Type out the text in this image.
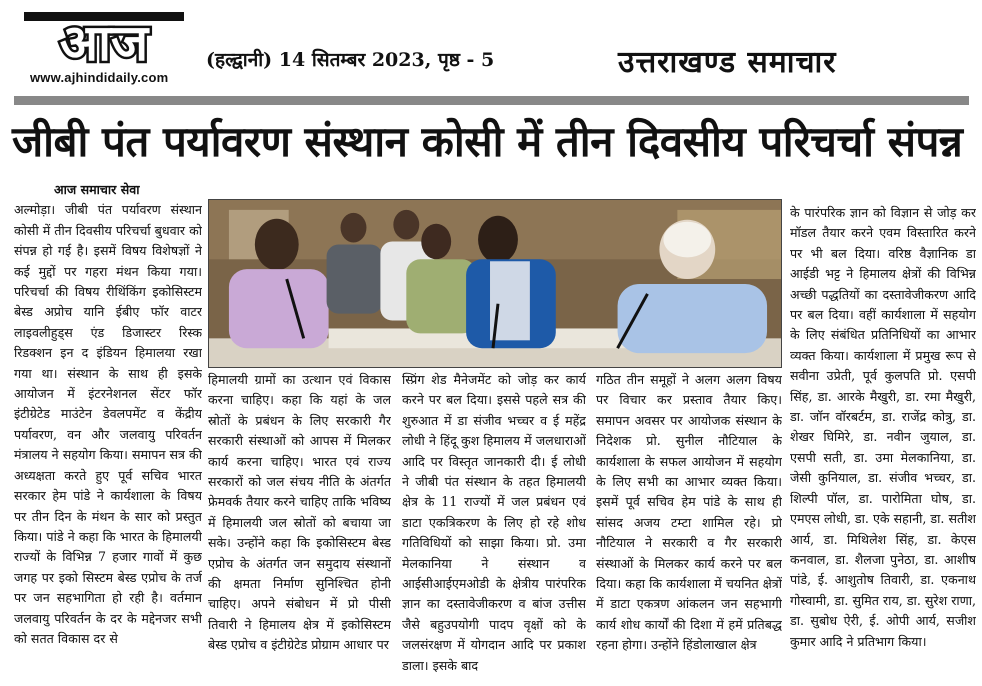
आज
www.ajhindidaily.com
(हल्द्वानी) 14 सितम्बर 2023, पृष्ठ - 5	उत्तराखण्ड समाचार
जीबी पंत पर्यावरण संस्थान कोसी में तीन दिवसीय परिचर्चा संपन्न
आज समाचार सेवा

अल्मोड़ा। जीबी पंत पर्यावरण संस्थान कोसी में तीन दिवसीय परिचर्चा बुधवार को संपन्न हो गई है। इसमें विषय विशेषज्ञों ने कई मुद्दों पर गहरा मंथन किया गया। परिचर्चा की विषय रीथिंकिंग इकोसिस्टम बेस्ड अप्रोच यानि ईबीए फॉर वाटर लाइवलीहुड्स एंड डिजास्टर रिस्क रिडक्शन इन द इंडियन हिमालया रखा गया था। संस्थान के साथ ही इसके आयोजन में इंटरनेशनल सेंटर फॉर इंटीग्रेटेड माउंटेन डेवलपमेंट व केंद्रीय पर्यावरण, वन और जलवायु परिवर्तन मंत्रालय ने सहयोग किया। समापन सत्र की अध्यक्षता करते हुए पूर्व सचिव भारत सरकार हेम पांडे ने कार्यशाला के विषय पर तीन दिन के मंथन के सार को प्रस्तुत किया। पांडे ने कहा कि भारत के हिमालयी राज्यों के विभिन्न 7 हजार गावों में कुछ जगह पर इको सिस्टम बेस्ड एप्रोच के तर्ज पर जन सहभागिता हो रही है। वर्तमान जलवायु परिवर्तन के दर के मद्देनजर सभी को सतत विकास दर से

हिमालयी ग्रामों का उत्थान एवं विकास करना चाहिए। कहा कि यहां के जल स्रोतों के प्रबंधन के लिए सरकारी गैर सरकारी संस्थाओं को आपस में मिलकर कार्य करना चाहिए। भारत एवं राज्य सरकारों को जल संचय नीति के अंतर्गत फ्रेमवर्क तैयार करने चाहिए ताकि भविष्य में हिमालयी जल स्रोतों को बचाया जा सके। उन्होंने कहा कि इकोसिस्टम बेस्ड एप्रोच के अंतर्गत जन समुदाय संस्थानों की क्षमता निर्माण सुनिश्चित होनी चाहिए। अपने संबोधन में प्रो पीसी तिवारी ने हिमालय क्षेत्र में इकोसिस्टम बेस्ड एप्रोच व इंटीग्रेटेड प्रोग्राम आधार पर

स्प्रिंग शेड मैनेजमेंट को जोड़ कर कार्य करने पर बल दिया। इससे पहले सत्र की शुरुआत में डा संजीव भच्चर व ई महेंद्र लोधी ने हिंदू कुश हिमालय में जलधाराओं आदि पर विस्तृत जानकारी दी। ई लोधी ने जीबी पंत संस्थान के तहत हिमालयी क्षेत्र के 11 राज्यों में जल प्रबंधन एवं डाटा एकत्रिकरण के लिए हो रहे शोध गतिविधियों को साझा किया। प्रो. उमा मेलकानिया ने संस्थान व आईसीआईएमओडी के क्षेत्रीय पारंपरिक ज्ञान का दस्तावेजीकरण व बांज उत्तीस जैसे बहुउपयोगी पादप वृक्षों को के जलसंरक्षण में योगदान आदि पर प्रकाश डाला। इसके बाद

गठित तीन समूहों ने अलग अलग विषय पर विचार कर प्रस्ताव तैयार किए। समापन अवसर पर आयोजक संस्थान के निदेशक प्रो. सुनील नौटियाल के कार्यशाला के सफल आयोजन में सहयोग के लिए सभी का आभार व्यक्त किया। इसमें पूर्व सचिव हेम पांडे के साथ ही सांसद अजय टम्टा शामिल रहे। प्रो नौटियाल ने सरकारी व गैर सरकारी संस्थाओं के मिलकर कार्य करने पर बल दिया। कहा कि कार्यशाला में चयनित क्षेत्रों में डाटा एकत्रण आंकलन जन सहभागी कार्य शोध कार्यों की दिशा में हमें प्रतिबद्ध रहना होगा। उन्होंने हिंडोलाखाल क्षेत्र

के पारंपरिक ज्ञान को विज्ञान से जोड़ कर मॉडल तैयार करने एवम विस्तारित करने पर भी बल दिया। वरिष्ठ वैज्ञानिक डा आईडी भट्ट ने हिमालय क्षेत्रों की विभिन्न अच्छी पद्धतियों का दस्तावेजीकरण आदि पर बल दिया। वहीं कार्यशाला में सहयोग के लिए संबंधित प्रतिनिधियों का आभार व्यक्त किया। कार्यशाला में प्रमुख रूप से सवीना उप्रेती, पूर्व कुलपति प्रो. एसपी सिंह, डा. आरके मैखुरी, डा. रमा मैखुरी, डा. जॉन वॉरबर्टम, डा. राजेंद्र कोत्रु, डा. शेखर घिमिरे, डा. नवीन जुयाल, डा. एसपी सती, डा. उमा मेलकानिया, डा. जेसी कुनियाल, डा. संजीव भच्चर, डा. शिल्पी पॉल, डा. पारोमिता घोष, डा. एमएस लोधी, डा. एके सहानी, डा. सतीश आर्य, डा. मिथिलेश सिंह, डा. केएस कनवाल, डा. शैलजा पुनेठा, डा. आशीष पांडे, ई. आशुतोष तिवारी, डा. एकनाथ गोस्वामी, डा. सुमित राय, डा. सुरेश राणा, डा. सुबोध ऐरी, ई. ओपी आर्य, सजीश कुमार आदि ने प्रतिभाग किया।
